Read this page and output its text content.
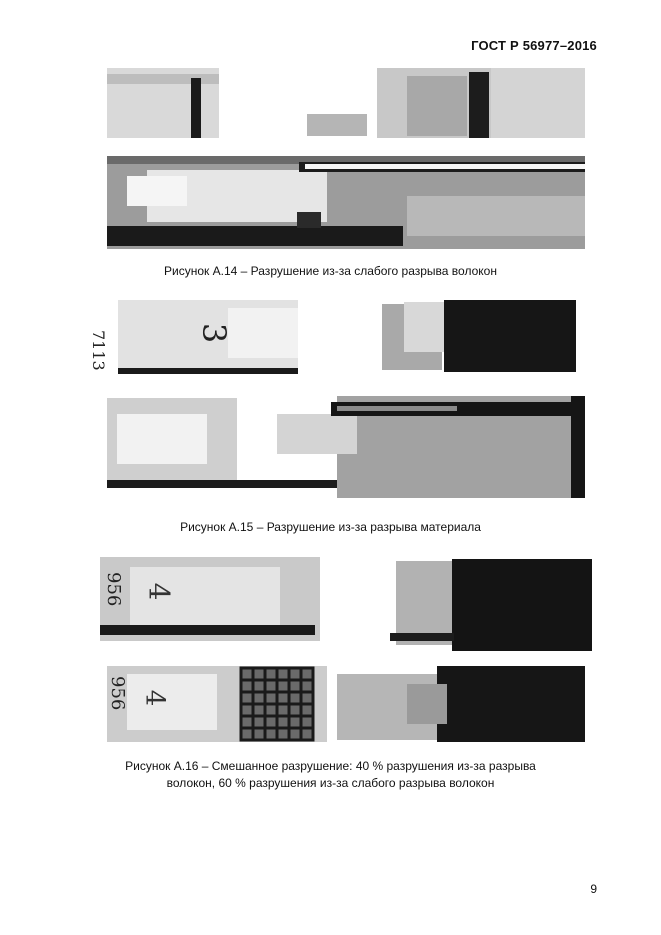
ГОСТ Р 56977–2016
Рисунок А.14 – Разрушение из-за слабого разрыва волокон
7113	3
Рисунок А.15 – Разрушение из-за разрыва материала
956 4
956 4
Рисунок А.16 – Смешанное разрушение: 40 % разрушения из-за разрыва
волокон, 60 % разрушения из-за слабого разрыва волокон
9
